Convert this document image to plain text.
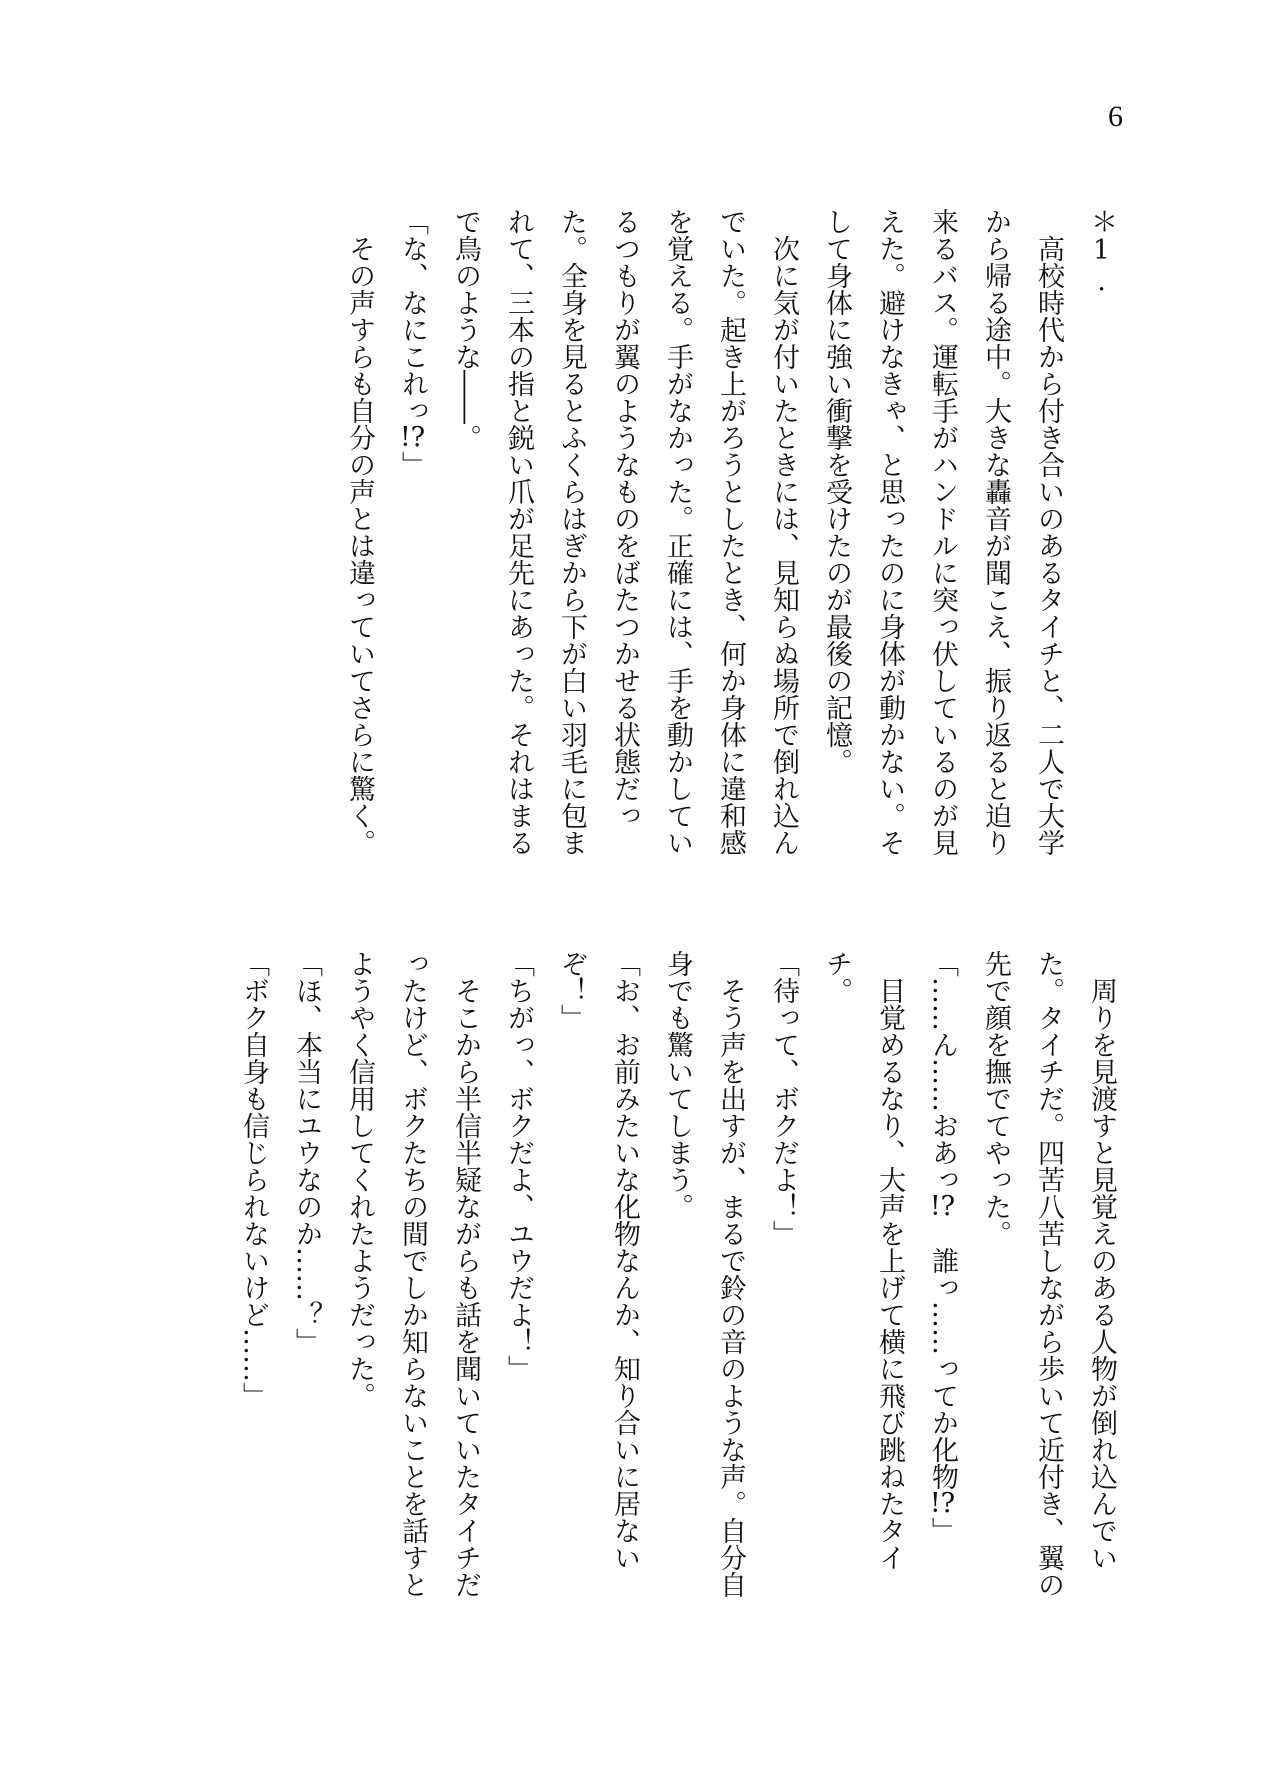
6
＊1.
　高校時代から付き合いのあるタイチと、二人で大学
から帰る途中。大きな轟音が聞こえ、振り返ると迫り
来るバス。運転手がハンドルに突っ伏しているのが見
えた。避けなきゃ、と思ったのに身体が動かない。そ
して身体に強い衝撃を受けたのが最後の記憶。
　次に気が付いたときには、見知らぬ場所で倒れ込ん
でいた。起き上がろうとしたとき、何か身体に違和感
を覚える。手がなかった。正確には、手を動かしてい
るつもりが翼のようなものをばたつかせる状態だっ
た。全身を見るとふくらはぎから下が白い羽毛に包ま
れて、三本の指と鋭い爪が足先にあった。それはまる
で鳥のような――。
「な、なにこれっ!?」
　その声すらも自分の声とは違っていてさらに驚く。
　周りを見渡すと見覚えのある人物が倒れ込んでい
た。タイチだ。四苦八苦しながら歩いて近付き、翼の
先で顔を撫でてやった。
「……ん……おあっ!?　誰っ……ってか化物!?」
　目覚めるなり、大声を上げて横に飛び跳ねたタイ
チ。
「待って、ボクだよ！」
　そう声を出すが、まるで鈴の音のような声。自分自
身でも驚いてしまう。
「お、お前みたいな化物なんか、知り合いに居ない
ぞ！」
「ちがっ、ボクだよ、ユウだよ！」
　そこから半信半疑ながらも話を聞いていたタイチだ
ったけど、ボクたちの間でしか知らないことを話すと
ようやく信用してくれたようだった。
「ほ、本当にユウなのか……？」
「ボク自身も信じられないけど……」
